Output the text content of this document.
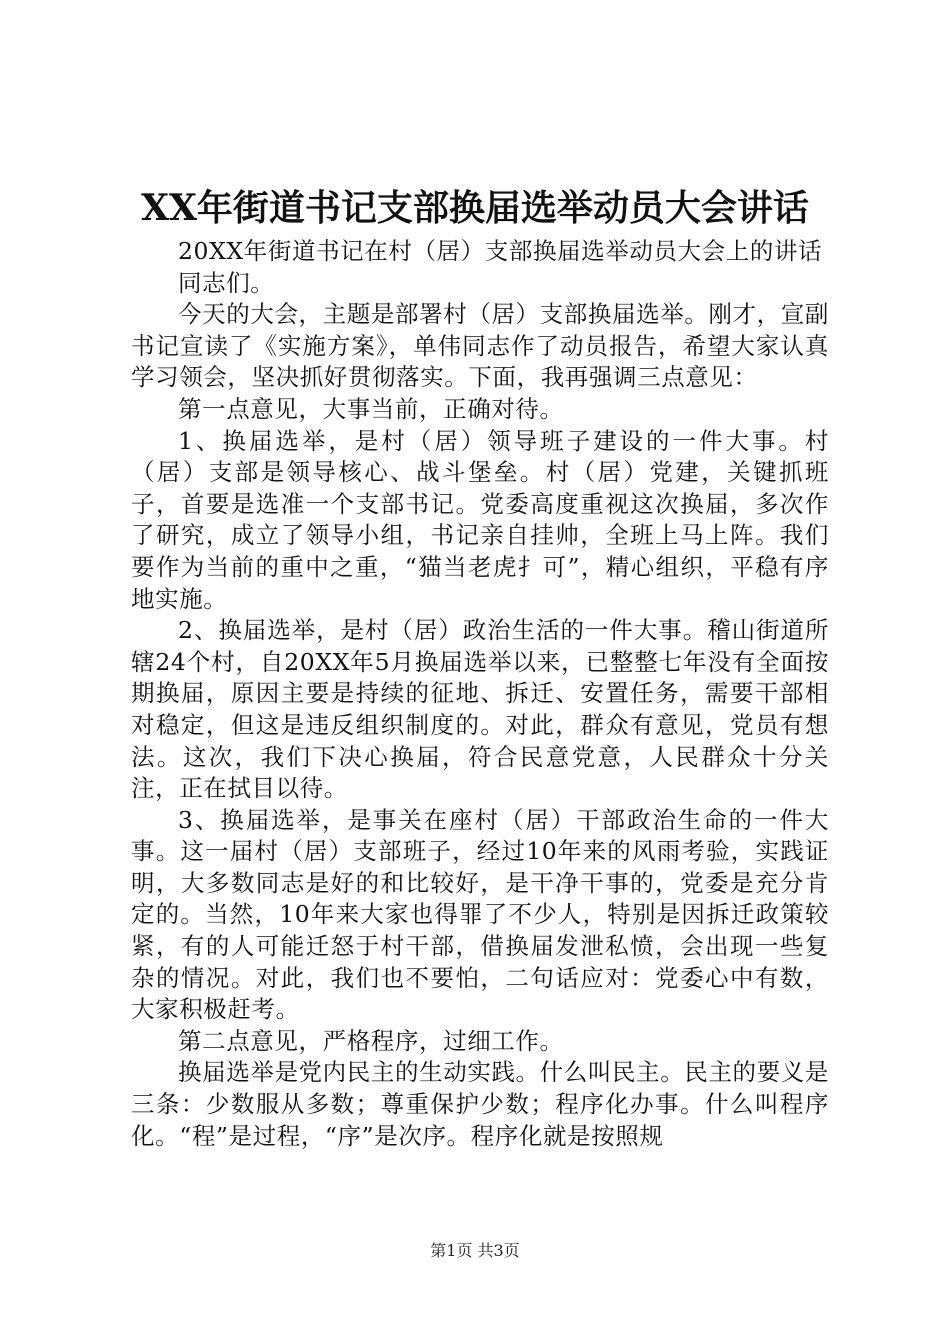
XX年街道书记支部换届选举动员大会讲话

20XX年街道书记在村（居）支部换届选举动员大会上的讲话

同志们。

今天的大会，主题是部署村（居）支部换届选举。刚才，宣副书记宣读了《实施方案》，单伟同志作了动员报告，希望大家认真学习领会，坚决抓好贯彻落实。下面，我再强调三点意见：

第一点意见，大事当前，正确对待。

1、换届选举，是村（居）领导班子建设的一件大事。村（居）支部是领导核心、战斗堡垒。村（居）党建，关键抓班子，首要是选准一个支部书记。党委高度重视这次换届，多次作了研究，成立了领导小组，书记亲自挂帅，全班上马上阵。我们要作为当前的重中之重，“猫当老虎扌可”，精心组织，平稳有序地实施。

2、换届选举，是村（居）政治生活的一件大事。稽山街道所辖24个村，自20XX年5月换届选举以来，已整整七年没有全面按期换届，原因主要是持续的征地、拆迁、安置任务，需要干部相对稳定，但这是违反组织制度的。对此，群众有意见，党员有想法。这次，我们下决心换届，符合民意党意，人民群众十分关注，正在拭目以待。

3、换届选举，是事关在座村（居）干部政治生命的一件大事。这一届村（居）支部班子，经过10年来的风雨考验，实践证明，大多数同志是好的和比较好，是干净干事的，党委是充分肯定的。当然，10年来大家也得罪了不少人，特别是因拆迁政策较紧，有的人可能迁怒于村干部，借换届发泄私愤，会出现一些复杂的情况。对此，我们也不要怕，二句话应对：党委心中有数，大家积极赶考。

第二点意见，严格程序，过细工作。

换届选举是党内民主的生动实践。什么叫民主。民主的要义是三条：少数服从多数；尊重保护少数；程序化办事。什么叫程序化。“程”是过程，“序”是次序。程序化就是按照规

第1页 共3页
